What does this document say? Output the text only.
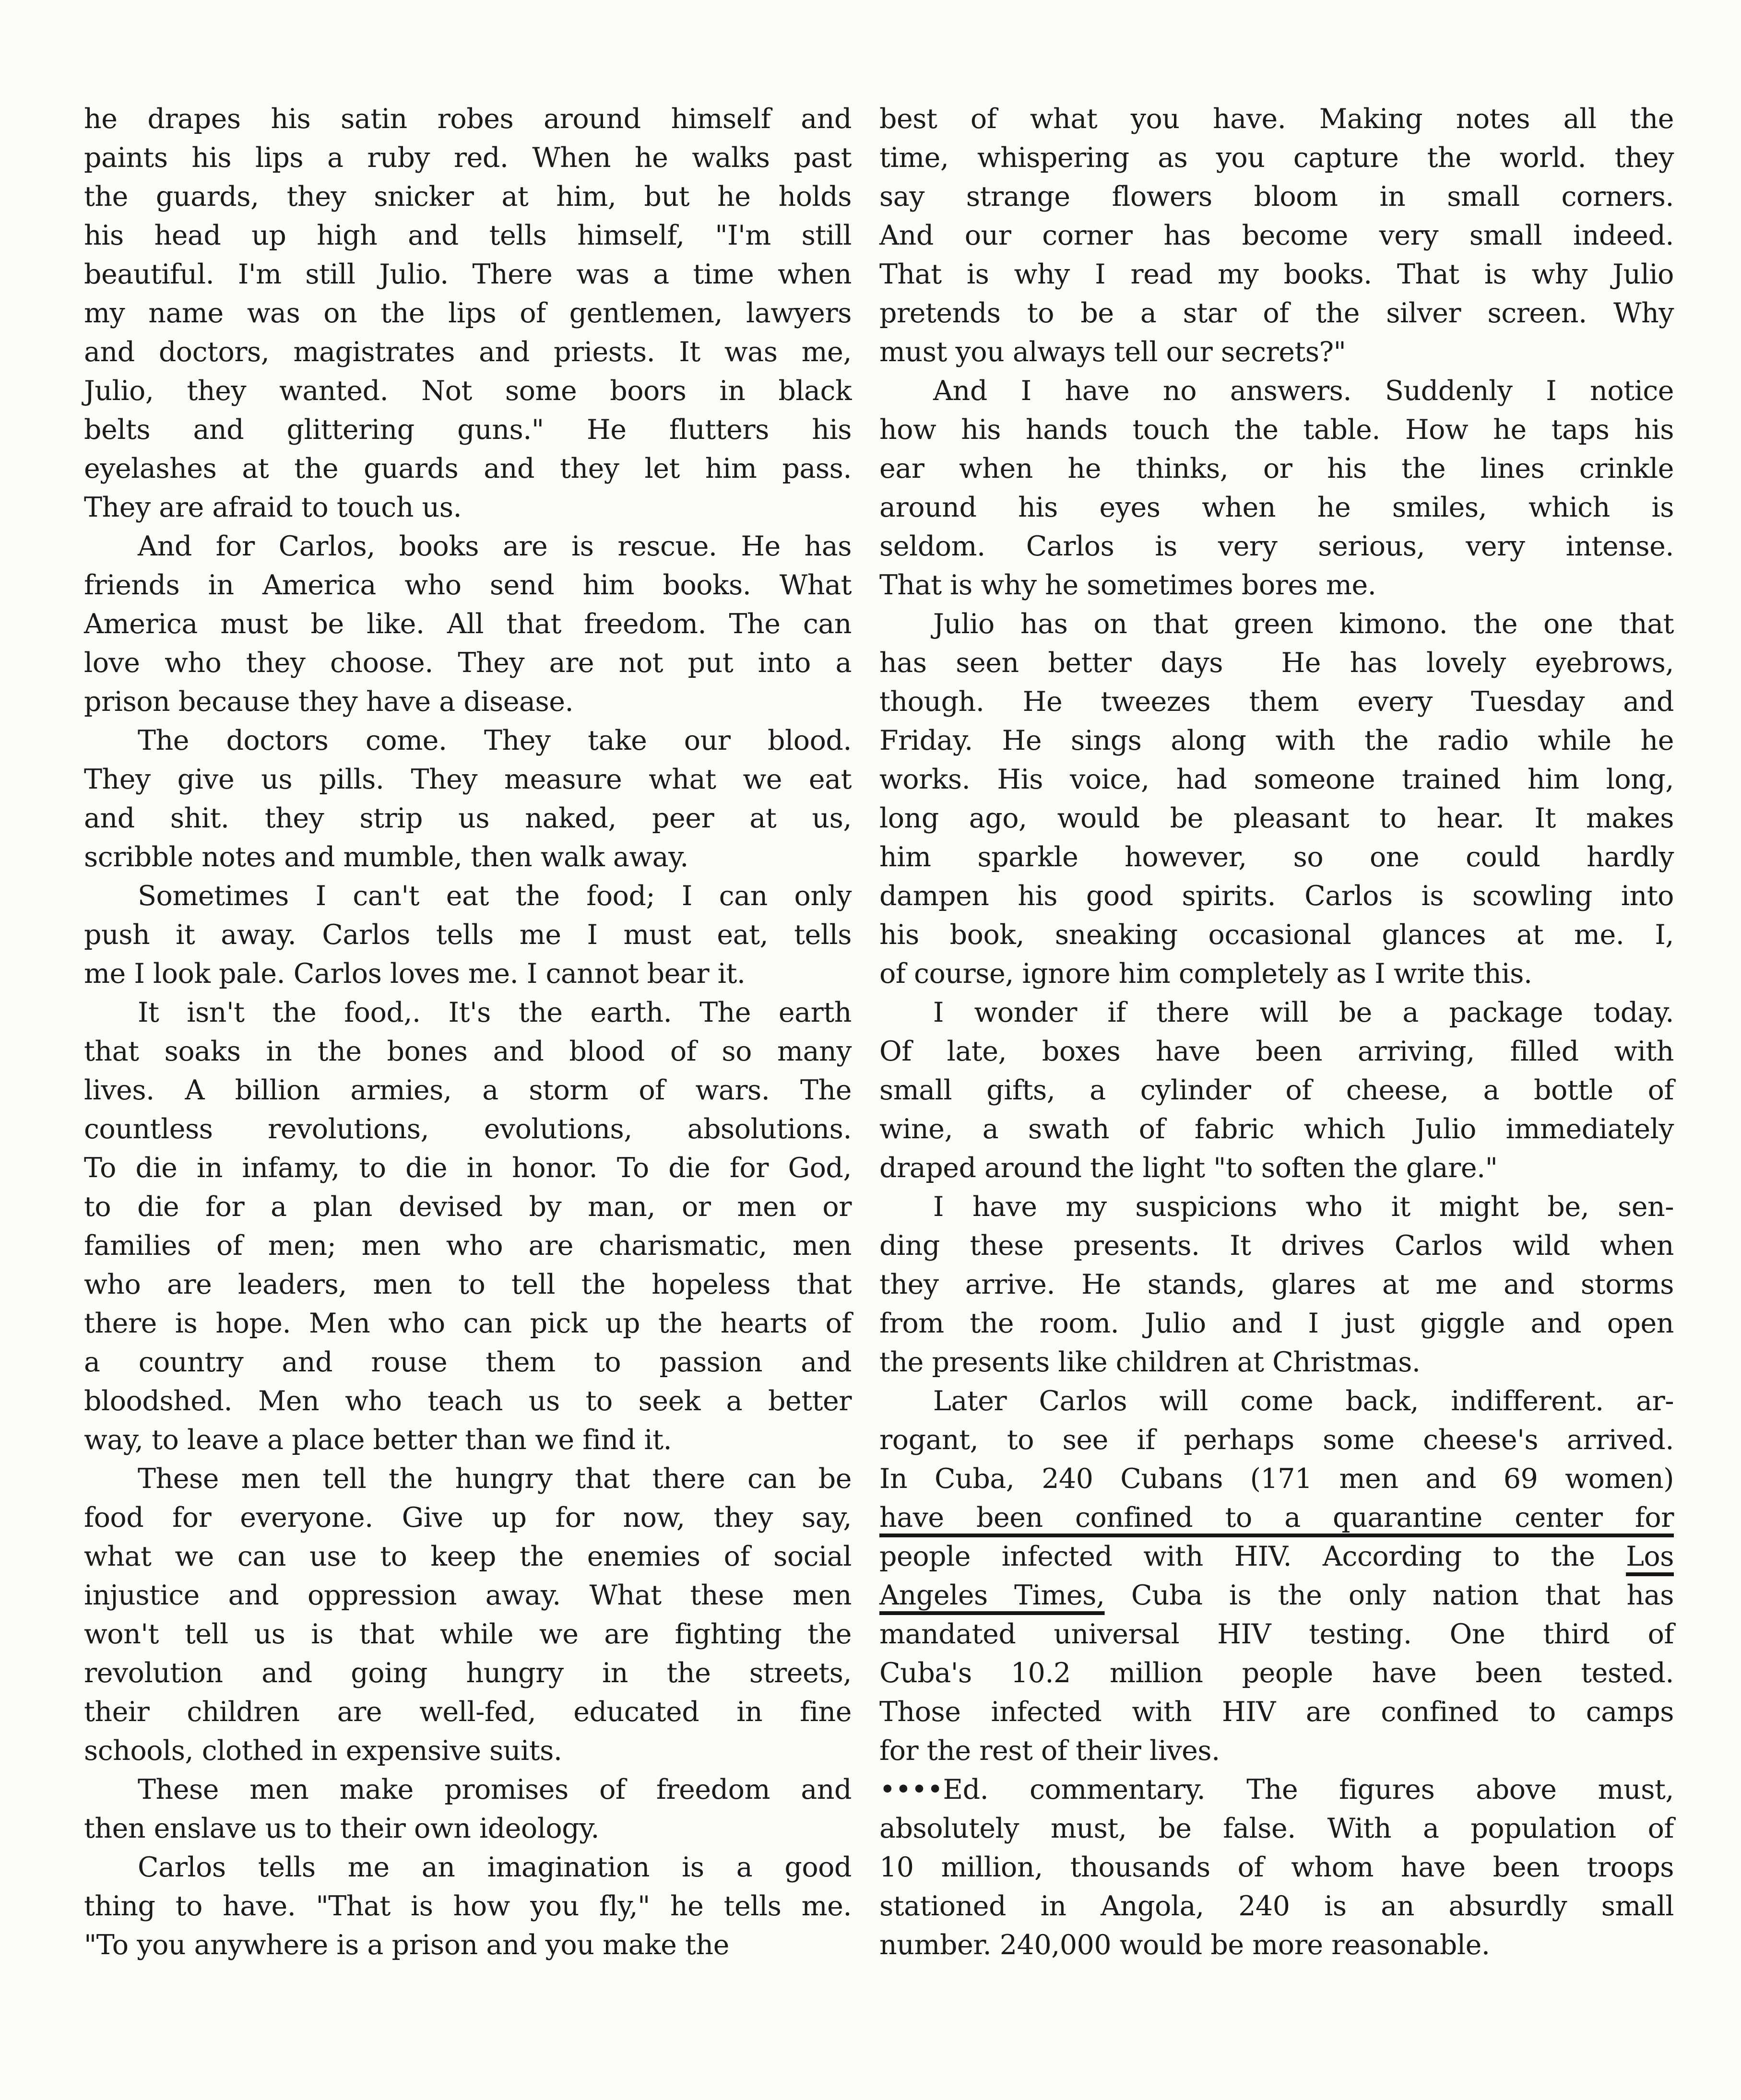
he drapes his satin robes around himself and
paints his lips a ruby red. When he walks past
the guards, they snicker at him, but he holds
his head up high and tells himself, "I'm still
beautiful. I'm still Julio. There was a time when
my name was on the lips of gentlemen, lawyers
and doctors, magistrates and priests. It was me,
Julio, they wanted. Not some boors in black
belts and glittering guns." He flutters his
eyelashes at the guards and they let him pass.
They are afraid to touch us.
And for Carlos, books are is rescue. He has
friends in America who send him books. What
America must be like. All that freedom. The can
love who they choose. They are not put into a
prison because they have a disease.
The doctors come. They take our blood.
They give us pills. They measure what we eat
and shit. they strip us naked, peer at us,
scribble notes and mumble, then walk away.
Sometimes I can't eat the food; I can only
push it away. Carlos tells me I must eat, tells
me I look pale. Carlos loves me. I cannot bear it.
It isn't the food,. It's the earth. The earth
that soaks in the bones and blood of so many
lives. A billion armies, a storm of wars. The
countless revolutions, evolutions, absolutions.
To die in infamy, to die in honor. To die for God,
to die for a plan devised by man, or men or
families of men; men who are charismatic, men
who are leaders, men to tell the hopeless that
there is hope. Men who can pick up the hearts of
a country and rouse them to passion and
bloodshed. Men who teach us to seek a better
way, to leave a place better than we find it.
These men tell the hungry that there can be
food for everyone. Give up for now, they say,
what we can use to keep the enemies of social
injustice and oppression away. What these men
won't tell us is that while we are fighting the
revolution and going hungry in the streets,
their children are well-fed, educated in fine
schools, clothed in expensive suits.
These men make promises of freedom and
then enslave us to their own ideology.
Carlos tells me an imagination is a good
thing to have. "That is how you fly," he tells me.
"To you anywhere is a prison and you make the
best of what you have. Making notes all the
time, whispering as you capture the world. they
say strange flowers bloom in small corners.
And our corner has become very small indeed.
That is why I read my books. That is why Julio
pretends to be a star of the silver screen. Why
must you always tell our secrets?"
And I have no answers. Suddenly I notice
how his hands touch the table. How he taps his
ear when he thinks, or his the lines crinkle
around his eyes when he smiles, which is
seldom. Carlos is very serious, very intense.
That is why he sometimes bores me.
Julio has on that green kimono. the one that
has seen better days  He has lovely eyebrows,
though. He tweezes them every Tuesday and
Friday. He sings along with the radio while he
works. His voice, had someone trained him long,
long ago, would be pleasant to hear. It makes
him sparkle however, so one could hardly
dampen his good spirits. Carlos is scowling into
his book, sneaking occasional glances at me. I,
of course, ignore him completely as I write this.
I wonder if there will be a package today.
Of late, boxes have been arriving, filled with
small gifts, a cylinder of cheese, a bottle of
wine, a swath of fabric which Julio immediately
draped around the light "to soften the glare."
I have my suspicions who it might be, sen-
ding these presents. It drives Carlos wild when
they arrive. He stands, glares at me and storms
from the room. Julio and I just giggle and open
the presents like children at Christmas.
Later Carlos will come back, indifferent. ar-
rogant, to see if perhaps some cheese's arrived.
In Cuba, 240 Cubans (171 men and 69 women)
have been confined to a quarantine center for
people infected with HIV. According to the Los
Angeles Times, Cuba is the only nation that has
mandated universal HIV testing. One third of
Cuba's 10.2 million people have been tested.
Those infected with HIV are confined to camps
for the rest of their lives.
••••Ed. commentary. The figures above must,
absolutely must, be false. With a population of
10 million, thousands of whom have been troops
stationed in Angola, 240 is an absurdly small
number. 240,000 would be more reasonable.
